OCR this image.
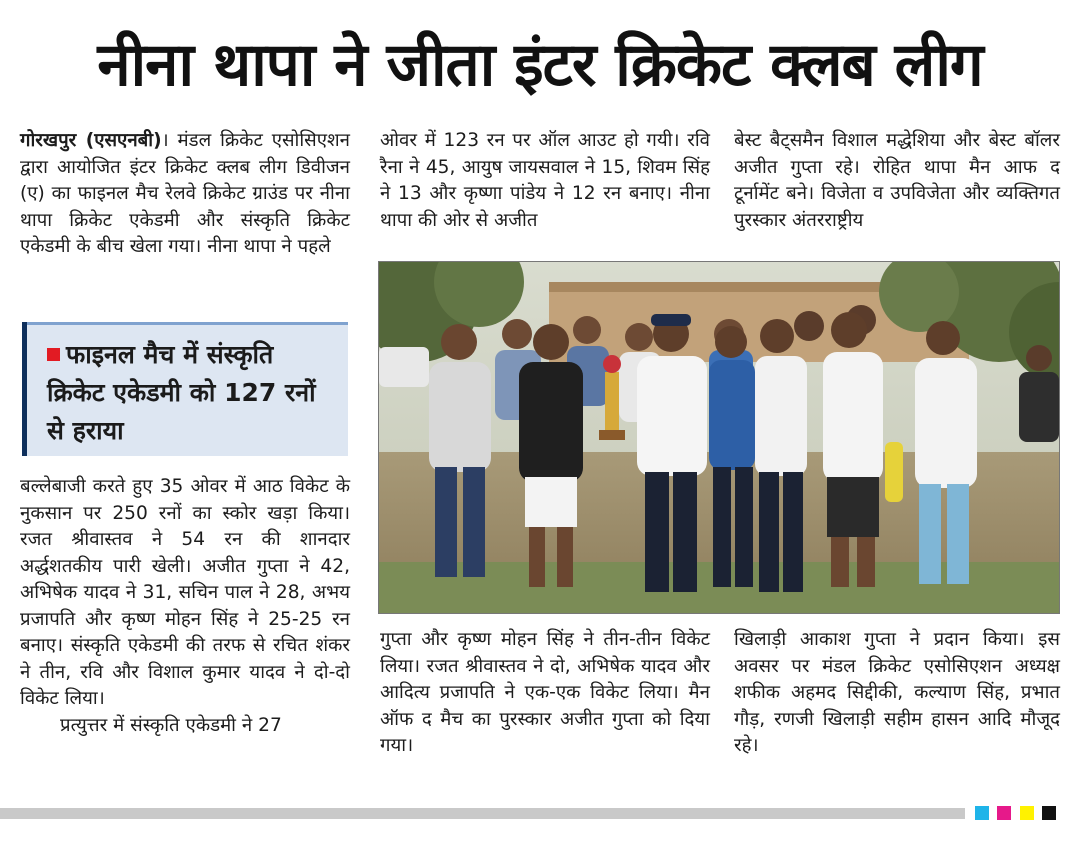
नीना थापा ने जीता इंटर क्रिकेट क्लब लीग

गोरखपुर (एसएनबी)। मंडल क्रिकेट एसोसिएशन द्वारा आयोजित इंटर क्रिकेट क्लब लीग डिवीजन (ए) का फाइनल मैच रेलवे क्रिकेट ग्राउंड पर नीना थापा क्रिकेट एकेडमी और संस्कृति क्रिकेट एकेडमी के बीच खेला गया। नीना थापा ने पहले

फाइनल मैच में संस्कृति क्रिकेट एकेडमी को 127 रनों से हराया

बल्लेबाजी करते हुए 35 ओवर में आठ विकेट के नुकसान पर 250 रनों का स्कोर खड़ा किया। रजत श्रीवास्तव ने 54 रन की शानदार अर्द्धशतकीय पारी खेली। अजीत गुप्ता ने 42, अभिषेक यादव ने 31, सचिन पाल ने 28, अभय प्रजापति और कृष्ण मोहन सिंह ने 25-25 रन बनाए। संस्कृति एकेडमी की तरफ से रचित शंकर ने तीन, रवि और विशाल कुमार यादव ने दो-दो विकेट लिया।

प्रत्युत्तर में संस्कृति एकेडमी ने 27

ओवर में 123 रन पर ऑल आउट हो गयी। रवि रैना ने 45, आयुष जायसवाल ने 15, शिवम सिंह ने 13 और कृष्णा पांडेय ने 12 रन बनाए। नीना थापा की ओर से अजीत

बेस्ट बैट्समैन विशाल मद्धेशिया और बेस्ट बॉलर अजीत गुप्ता रहे। रोहित थापा मैन आफ द टूर्नामेंट बने। विजेता व उपविजेता और व्यक्तिगत पुरस्कार अंतरराष्ट्रीय

गुप्ता और कृष्ण मोहन सिंह ने तीन-तीन विकेट लिया। रजत श्रीवास्तव ने दो, अभिषेक यादव और आदित्य प्रजापति ने एक-एक विकेट लिया। मैन ऑफ द मैच का पुरस्कार अजीत गुप्ता को दिया गया।

खिलाड़ी आकाश गुप्ता ने प्रदान किया। इस अवसर पर मंडल क्रिकेट एसोसिएशन अध्यक्ष शफीक अहमद सिद्दीकी, कल्याण सिंह, प्रभात गौड़, रणजी खिलाड़ी सहीम हासन आदि मौजूद रहे।
